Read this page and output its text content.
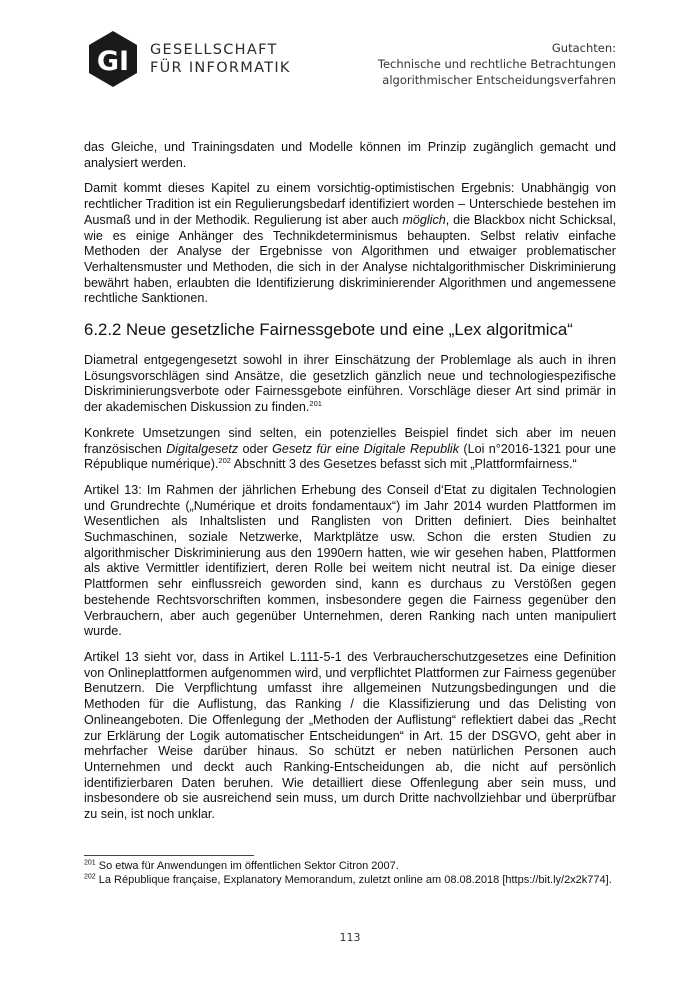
GI GESELLSCHAFT
FÜR INFORMATIK
Gutachten:
Technische und rechtliche Betrachtungen
algorithmischer Entscheidungsverfahren

das Gleiche, und Trainingsdaten und Modelle können im Prinzip zugänglich gemacht und analysiert werden.

Damit kommt dieses Kapitel zu einem vorsichtig-optimistischen Ergebnis: Unabhängig von rechtlicher Tradition ist ein Regulierungsbedarf identifiziert worden – Unterschiede bestehen im Ausmaß und in der Methodik. Regulierung ist aber auch möglich, die Blackbox nicht Schicksal, wie es einige Anhänger des Technikdeterminismus behaupten. Selbst relativ einfache Methoden der Analyse der Ergebnisse von Algorithmen und etwaiger problematischer Verhaltensmuster und Methoden, die sich in der Analyse nichtalgorithmischer Diskriminierung bewährt haben, erlaubten die Identifizierung diskriminierender Algorithmen und angemessene rechtliche Sanktionen.

6.2.2 Neue gesetzliche Fairnessgebote und eine „Lex algoritmica“

Diametral entgegengesetzt sowohl in ihrer Einschätzung der Problemlage als auch in ihren Lösungsvorschlägen sind Ansätze, die gesetzlich gänzlich neue und technologiespezifische Diskriminierungsverbote oder Fairnessgebote einführen. Vorschläge dieser Art sind primär in der akademischen Diskussion zu finden.$^{201}$

Konkrete Umsetzungen sind selten, ein potenzielles Beispiel findet sich aber im neuen französischen Digitalgesetz oder Gesetz für eine Digitale Republik (Loi n°2016-1321 pour une République numérique).$^{202}$ Abschnitt 3 des Gesetzes befasst sich mit „Plattformfairness.“

Artikel 13: Im Rahmen der jährlichen Erhebung des Conseil d‘Etat zu digitalen Technologien und Grundrechte („Numérique et droits fondamentaux“) im Jahr 2014 wurden Plattformen im Wesentlichen als Inhaltslisten und Ranglisten von Dritten definiert. Dies beinhaltet Suchmaschinen, soziale Netzwerke, Marktplätze usw. Schon die ersten Studien zu algorithmischer Diskriminierung aus den 1990ern hatten, wie wir gesehen haben, Plattformen als aktive Vermittler identifiziert, deren Rolle bei weitem nicht neutral ist. Da einige dieser Plattformen sehr einflussreich geworden sind, kann es durchaus zu Verstößen gegen bestehende Rechtsvorschriften kommen, insbesondere gegen die Fairness gegenüber den Verbrauchern, aber auch gegenüber Unternehmen, deren Ranking nach unten manipuliert wurde.

Artikel 13 sieht vor, dass in Artikel L.111-5-1 des Verbraucherschutzgesetzes eine Definition von Onlineplattformen aufgenommen wird, und verpflichtet Plattformen zur Fairness gegenüber Benutzern. Die Verpflichtung umfasst ihre allgemeinen Nutzungsbedingungen und die Methoden für die Auflistung, das Ranking / die Klassifizierung und das Delisting von Onlineangeboten. Die Offenlegung der „Methoden der Auflistung“ reflektiert dabei das „Recht zur Erklärung der Logik automatischer Entscheidungen“ in Art. 15 der DSGVO, geht aber in mehrfacher Weise darüber hinaus. So schützt er neben natürlichen Personen auch Unternehmen und deckt auch Ranking-Entscheidungen ab, die nicht auf persönlich identifizierbaren Daten beruhen. Wie detailliert diese Offenlegung aber sein muss, und insbesondere ob sie ausreichend sein muss, um durch Dritte nachvollziehbar und überprüfbar zu sein, ist noch unklar.

$^{201}$ So etwa für Anwendungen im öffentlichen Sektor Citron 2007.

$^{202}$ La République française, Explanatory Memorandum, zuletzt online am 08.08.2018 [https://bit.ly/2x2k774].

113
